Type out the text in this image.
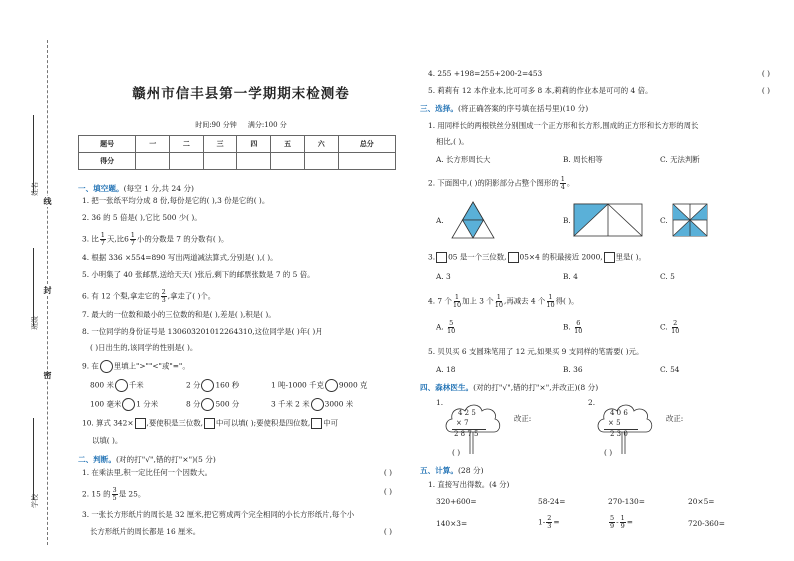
学校
班级
姓名
线
封
密
赣州市信丰县第一学期期末检测卷
时间:90 分钟 满分:100 分
题号	一	二	三	四	五	六	总分
得分							
一、填空题。(每空 1 分,共 24 分)
1. 把一张纸平均分成 8 份,每份是它的( ),3 份是它的( )。
2. 36 的 5 倍是( ),它比 500 少( )。
3. 比 $\frac{1}{7}$ 天,比$6 \frac{1}{7}$ 小的分数是 7 的分数有( )。
4. 根据 336 ×554=890 写出两道减法算式,分别是( ),( )。
5. 小明集了 40 张邮票,送给天天( )张后,剩下的邮票张数是 7 的 5 倍。
6. 有 12 个梨,拿走它的 $\frac{2}{3}$ ,拿走了( )个。
7. 最大的一位数和最小的三位数的和是( ),差是( ),积是( )。
8. 一位同学的身份证号是 130603201012264310,这位同学是( )年( )月
( )日出生的,该同学的性别是( )。
9. 在 里填上">""<"或"="。
800 米 千米	2 分 160 秒	1 吨-1000 千克 9000 克
100 毫米 1 分米	8 分 500 分	3 千米 2 米 3000 米
10. 算式 342× ,要使积是三位数, 中可以填( );要使积是四位数, 中可
以填( )。
二、判断。(对的打"√",错的打"×")(5 分)
1. 在乘法里,积一定比任何一个因数大。	( )
2. 15 的 $\frac{3}{5}$ 是 25。	( )
3. 一张长方形纸片的周长是 32 厘米,把它剪成两个完全相同的小长方形纸片,每个小
长方形纸片的周长都是 16 厘米。	( )
4. 255 +198=255+200-2=453	( )
5. 莉莉有 12 本作业本,比可可多 8 本,莉莉的作业本是可可的 4 倍。	( )
三、选择。(将正确答案的序号填在括号里)(10 分)
1. 用同样长的两根铁丝分别围成一个正方形和长方形,围成的正方形和长方形的周长
相比,( )。
A. 长方形周长大	B. 周长相等	C. 无法判断
2. 下面图中,( )的阴影部分占整个图形的 $\frac{1}{4}$ 。
A.	B.	C.
3. 05 是一个三位数, 05×4 的积最接近 2000, 里是( )。
A. 3	B. 4	C. 5
4. 7 个 $\frac{1}{10}$ 加上 3 个 $\frac{1}{10}$ ,再减去 4 个 $\frac{1}{10}$ 得( )。
A. $\frac{5}{10}$	B. $\frac{6}{10}$	C. $\frac{2}{10}$
5. 贝贝买 6 支圆珠笔用了 12 元,如果买 9 支同样的笔需要( )元。
A. 18	B. 36	C. 54
四、森林医生。(对的打"√",错的打"×",并改正)(8 分)
1.
4 2 5
× 7
2 8 7 5
改正:
( )
2.
4 0 6
× 5
2 3 0
改正:
( )
五、计算。(28 分)
1. 直接写出得数。(4 分)
320+600=	58-24=	270-130=	20×5=
140×3=	$1- \frac{2}{3}$ =	$\frac{5}{9} - \frac{1}{9}$ =	720-360=
